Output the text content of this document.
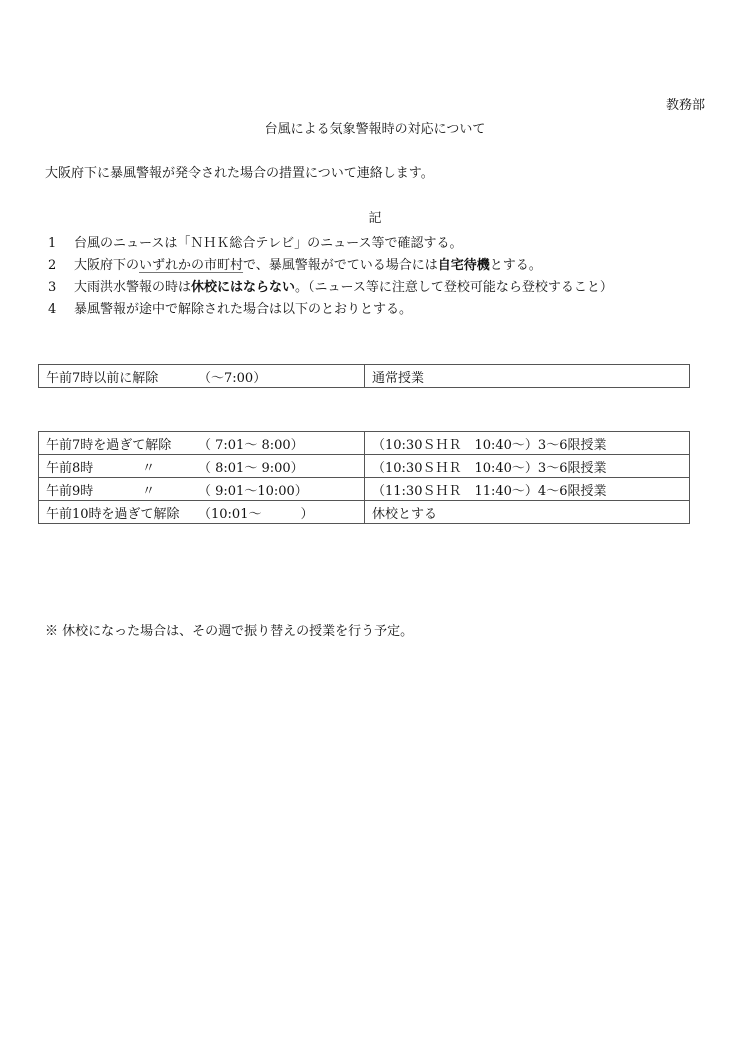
教務部
台風による気象警報時の対応について
大阪府下に暴風警報が発令された場合の措置について連絡します。
記
1 台風のニュースは「ＮＨＫ総合テレビ」のニュース等で確認する。
2 大阪府下のいずれかの市町村で、暴風警報がでている場合には自宅待機とする。
3 大雨洪水警報の時は休校にはならない。（ニュース等に注意して登校可能なら登校すること）
4 暴風警報が途中で解除された場合は以下のとおりとする。
午前7時以前に解除	（～7:00）	通常授業
午前7時を過ぎて解除 （ 7:01～ 8:00）	（10:30ＳＨＲ　10:40～）3～6限授業
午前8時 〃 （ 8:01～ 9:00）	（10:30ＳＨＲ　10:40～）3～6限授業
午前9時 〃 （ 9:01～10:00）	（11:30ＳＨＲ　11:40～）4～6限授業
午前10時を過ぎて解除 （10:01～　　　）	休校とする
※ 休校になった場合は、その週で振り替えの授業を行う予定。
